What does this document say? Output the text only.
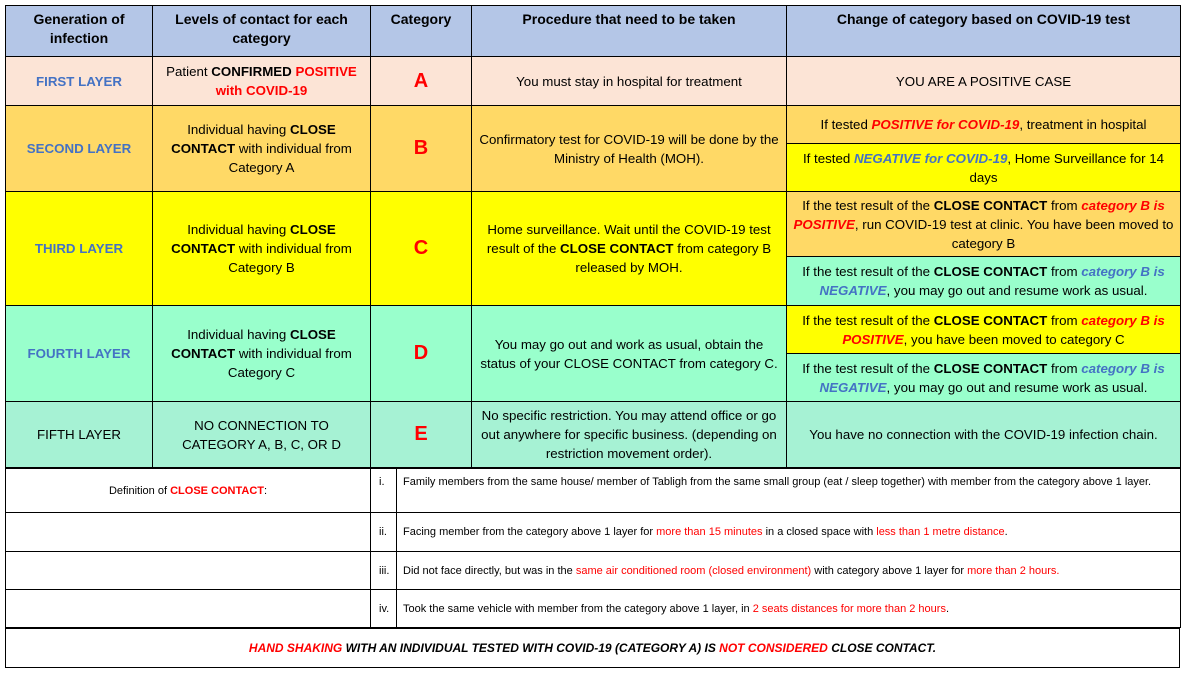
Generation of infection	Levels of contact for each category	Category	Procedure that need to be taken	Change of category based on COVID-19 test
FIRST LAYER	Patient CONFIRMED POSITIVE with COVID-19	A	You must stay in hospital for treatment	YOU ARE A POSITIVE CASE
SECOND LAYER	Individual having CLOSE CONTACT with individual from Category A	B	Confirmatory test for COVID-19 will be done by the Ministry of Health (MOH).	If tested POSITIVE for COVID-19, treatment in hospital
				If tested NEGATIVE for COVID-19, Home Surveillance for 14 days
THIRD LAYER	Individual having CLOSE CONTACT with individual from Category B	C	Home surveillance. Wait until the COVID-19 test result of the CLOSE CONTACT from category B released by MOH.	If the test result of the CLOSE CONTACT from category B is POSITIVE, run COVID-19 test at clinic. You have been moved to category B
				If the test result of the CLOSE CONTACT from category B is NEGATIVE, you may go out and resume work as usual.
FOURTH LAYER	Individual having CLOSE CONTACT with individual from Category C	D	You may go out and work as usual, obtain the status of your CLOSE CONTACT from category C.	If the test result of the CLOSE CONTACT from category B is POSITIVE, you have been moved to category C
				If the test result of the CLOSE CONTACT from category B is NEGATIVE, you may go out and resume work as usual.
FIFTH LAYER	NO CONNECTION TO CATEGORY A, B, C, OR D	E	No specific restriction. You may attend office or go out anywhere for specific business. (depending on restriction movement order).	You have no connection with the COVID-19 infection chain.
Definition of CLOSE CONTACT:	i.	Family members from the same house/ member of Tabligh from the same small group (eat / sleep together) with member from the category above 1 layer.
	ii.	Facing member from the category above 1 layer for more than 15 minutes in a closed space with less than 1 metre distance.
	iii.	Did not face directly, but was in the same air conditioned room (closed environment) with category above 1 layer for more than 2 hours.
	iv.	Took the same vehicle with member from the category above 1 layer, in 2 seats distances for more than 2 hours.
HAND SHAKING WITH AN INDIVIDUAL TESTED WITH COVID-19 (CATEGORY A) IS NOT CONSIDERED CLOSE CONTACT.
